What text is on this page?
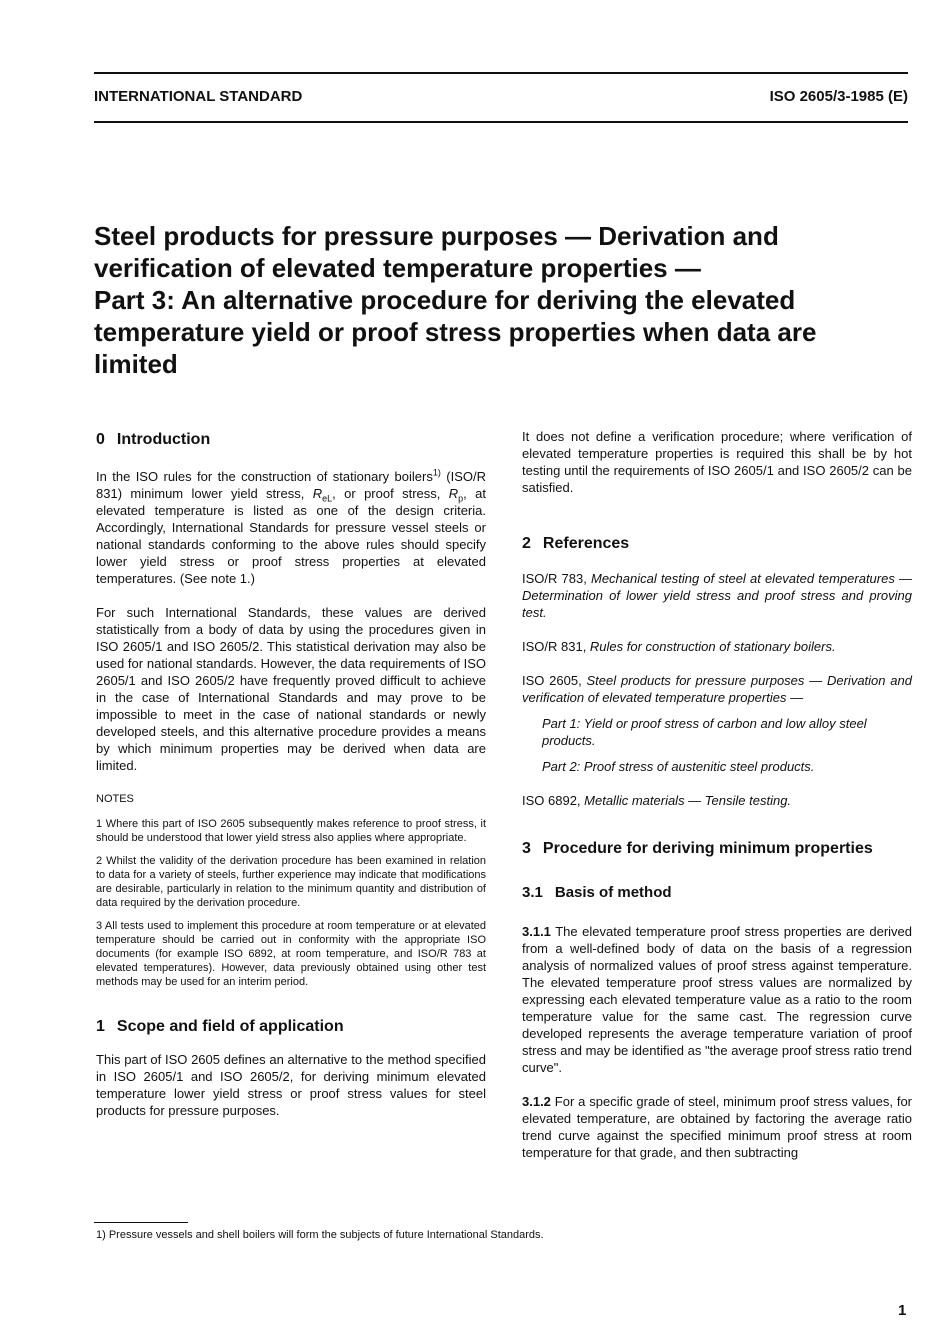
INTERNATIONAL STANDARD	ISO 2605/3-1985 (E)
Steel products for pressure purposes — Derivation and
verification of elevated temperature properties —
Part 3: An alternative procedure for deriving the elevated
temperature yield or proof stress properties when data are
limited
0 Introduction

In the ISO rules for the construction of stationary boilers$^{1)}$ (ISO/R 831) minimum lower yield stress, $R_{eL}$, or proof stress, $R_p$, at elevated temperature is listed as one of the design criteria. Accordingly, International Standards for pressure vessel steels or national standards conforming to the above rules should specify lower yield stress or proof stress properties at elevated temperatures. (See note 1.)

For such International Standards, these values are derived statistically from a body of data by using the procedures given in ISO 2605/1 and ISO 2605/2. This statistical derivation may also be used for national standards. However, the data requirements of ISO 2605/1 and ISO 2605/2 have frequently proved difficult to achieve in the case of International Standards and may prove to be impossible to meet in the case of national standards or newly developed steels, and this alternative procedure provides a means by which minimum properties may be derived when data are limited.

NOTES

1 Where this part of ISO 2605 subsequently makes reference to proof stress, it should be understood that lower yield stress also applies where appropriate.

2 Whilst the validity of the derivation procedure has been examined in relation to data for a variety of steels, further experience may indicate that modifications are desirable, particularly in relation to the minimum quantity and distribution of data required by the derivation procedure.

3 All tests used to implement this procedure at room temperature or at elevated temperature should be carried out in conformity with the appropriate ISO documents (for example ISO 6892, at room temperature, and ISO/R 783 at elevated temperatures). However, data previously obtained using other test methods may be used for an interim period.

1 Scope and field of application

This part of ISO 2605 defines an alternative to the method specified in ISO 2605/1 and ISO 2605/2, for deriving minimum elevated temperature lower yield stress or proof stress values for steel products for pressure purposes.

It does not define a verification procedure; where verification of elevated temperature properties is required this shall be by hot testing until the requirements of ISO 2605/1 and ISO 2605/2 can be satisfied.

2 References

ISO/R 783, Mechanical testing of steel at elevated temperatures — Determination of lower yield stress and proof stress and proving test.

ISO/R 831, Rules for construction of stationary boilers.

ISO 2605, Steel products for pressure purposes — Derivation and verification of elevated temperature properties —

Part 1: Yield or proof stress of carbon and low alloy steel products.

Part 2: Proof stress of austenitic steel products.

ISO 6892, Metallic materials — Tensile testing.

3 Procedure for deriving minimum properties
3.1 Basis of method

3.1.1 The elevated temperature proof stress properties are derived from a well-defined body of data on the basis of a regression analysis of normalized values of proof stress against temperature. The elevated temperature proof stress values are normalized by expressing each elevated temperature value as a ratio to the room temperature value for the same cast. The regression curve developed represents the average temperature variation of proof stress and may be identified as "the average proof stress ratio trend curve".

3.1.2 For a specific grade of steel, minimum proof stress values, for elevated temperature, are obtained by factoring the average ratio trend curve against the specified minimum proof stress at room temperature for that grade, and then subtracting

1) Pressure vessels and shell boilers will form the subjects of future International Standards.
1
